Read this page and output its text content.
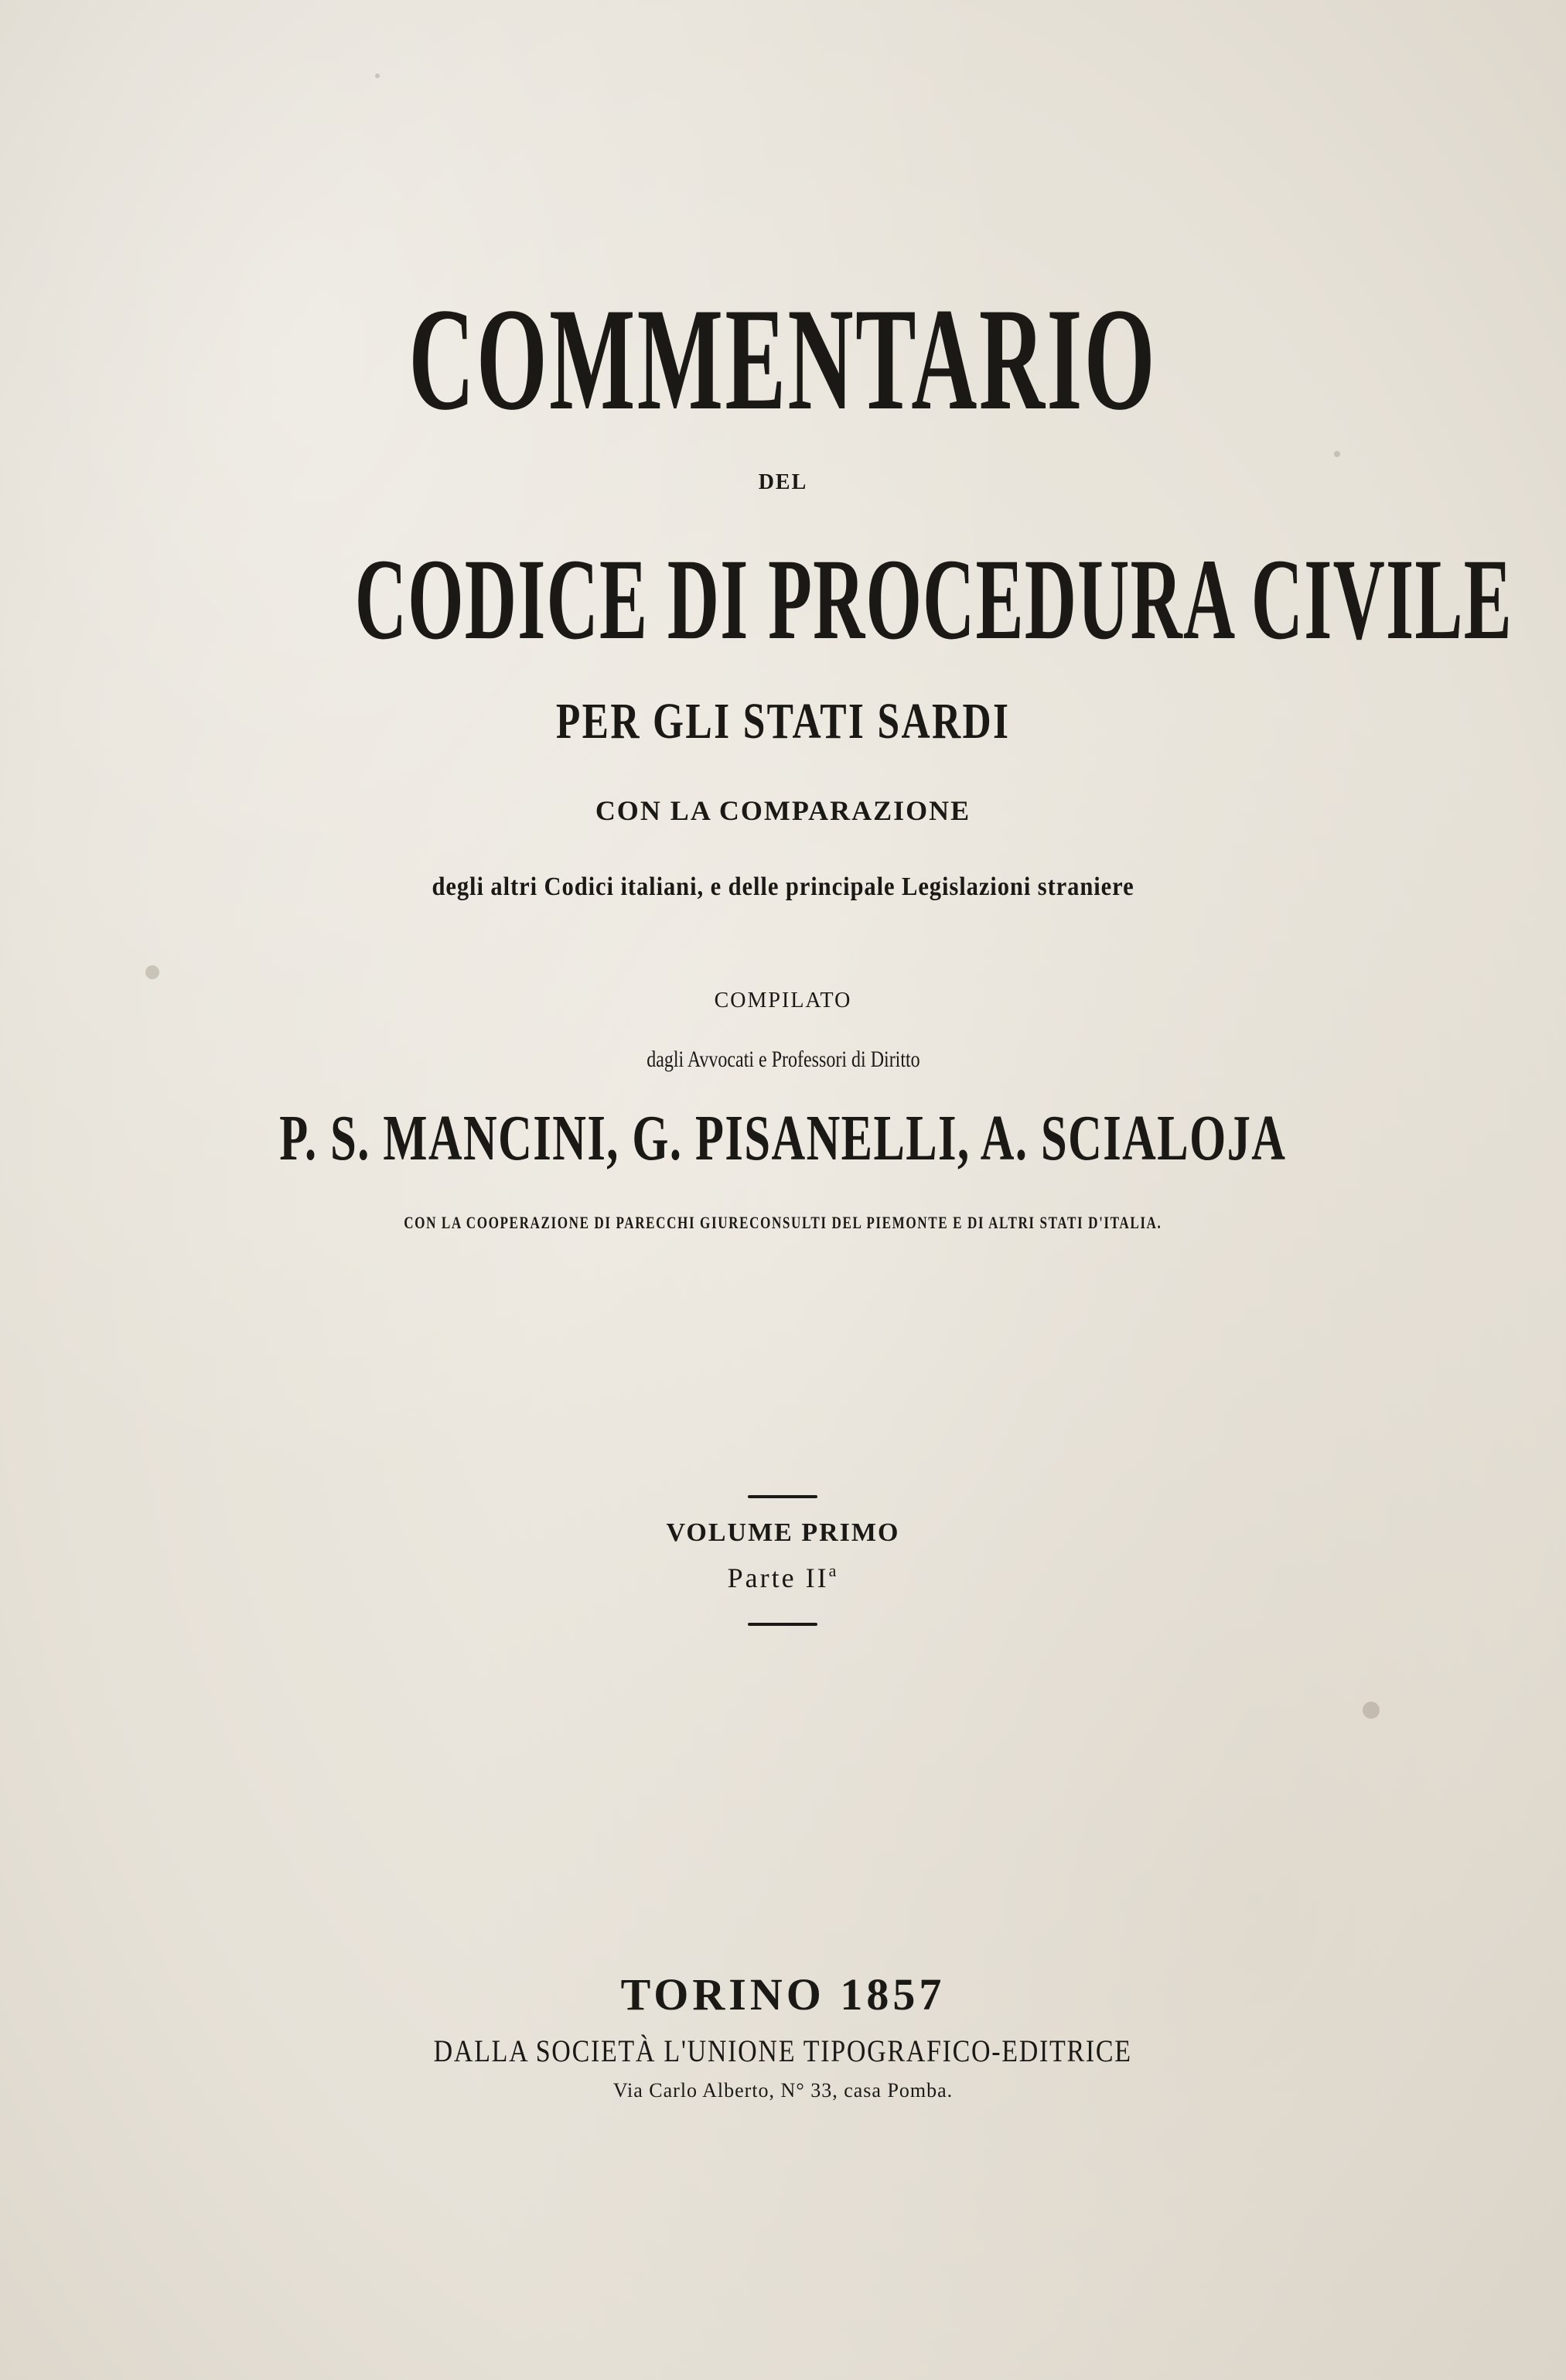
COMMENTARIO
DEL
CODICE DI PROCEDURA CIVILE
PER GLI STATI SARDI
CON LA COMPARAZIONE
degli altri Codici italiani, e delle principale Legislazioni straniere
COMPILATO
dagli Avvocati e Professori di Diritto
P. S. MANCINI, G. PISANELLI, A. SCIALOJA
CON LA COOPERAZIONE DI PARECCHI GIURECONSULTI DEL PIEMONTE E DI ALTRI STATI D'ITALIA.
VOLUME PRIMO
Parte $II^a$
TORINO 1857
DALLA SOCIETÀ L'UNIONE TIPOGRAFICO-EDITRICE
Via Carlo Alberto, N° 33, casa Pomba.
